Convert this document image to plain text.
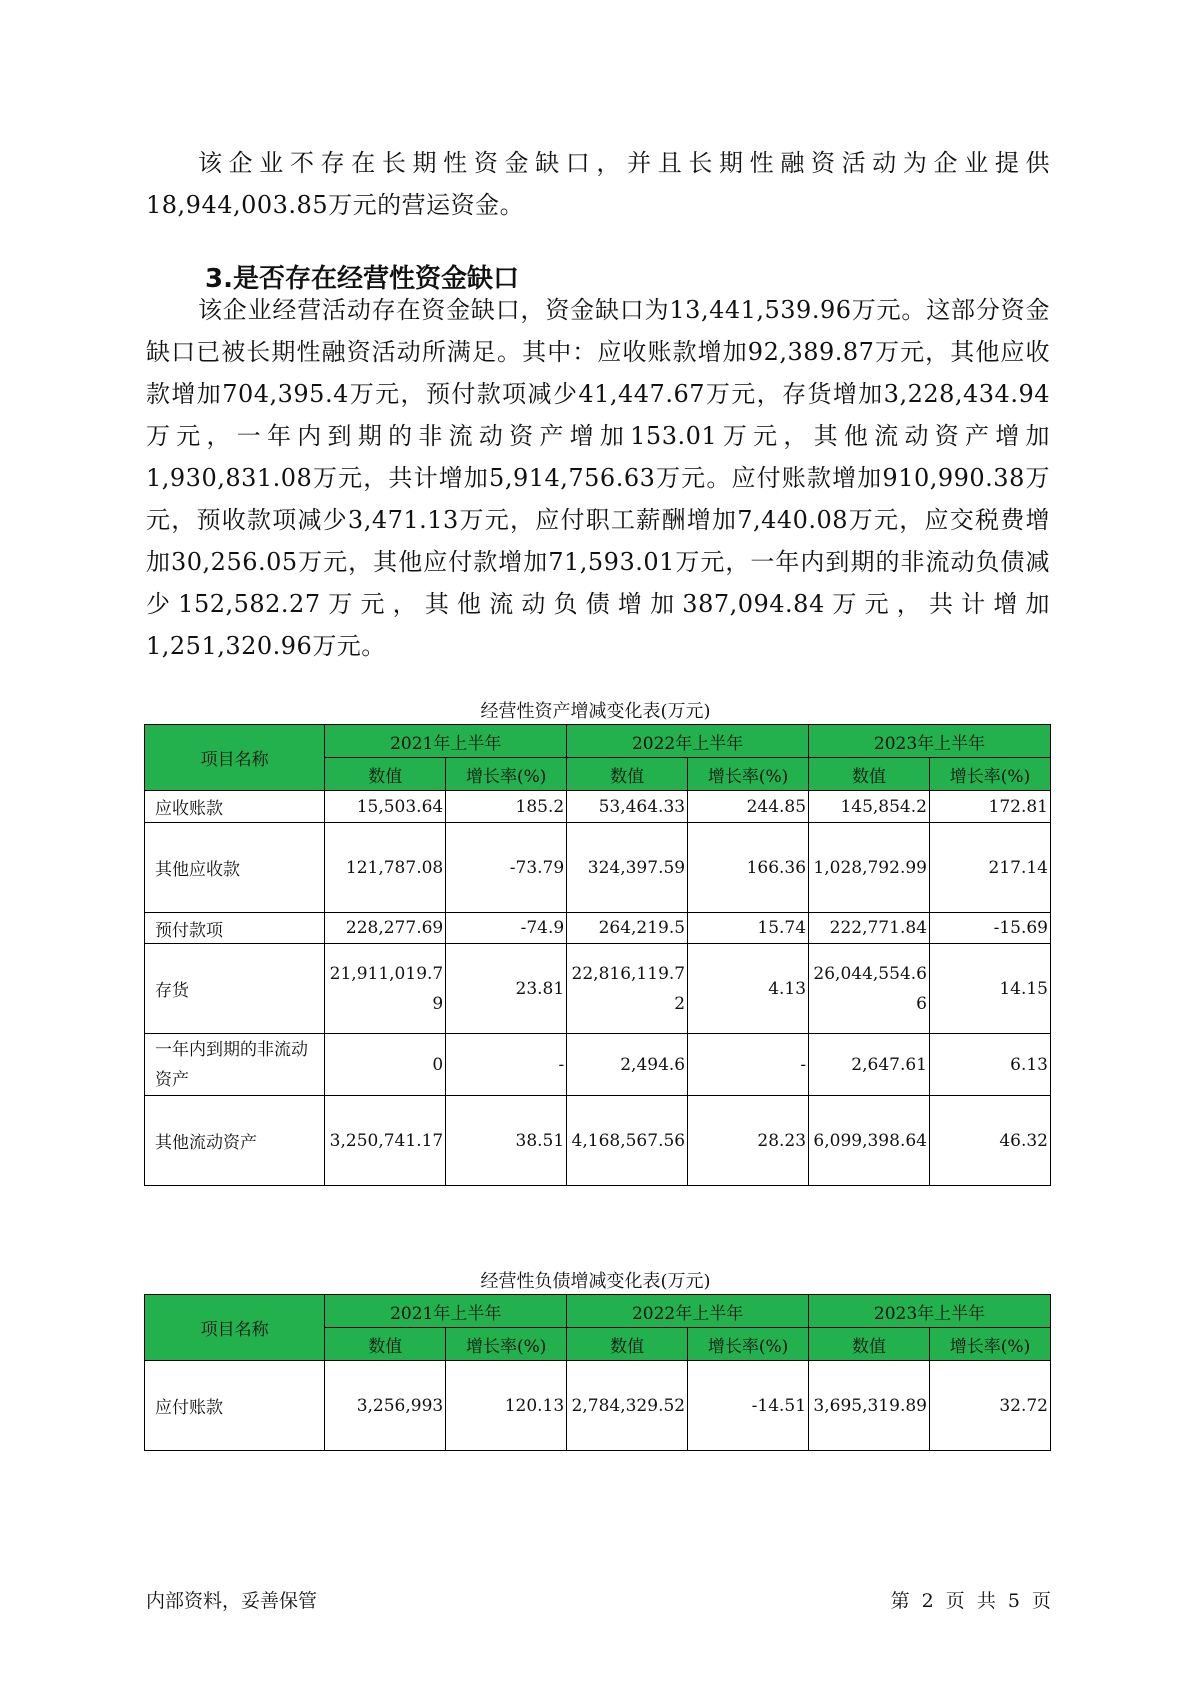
该企业不存在长期性资金缺口，并且长期性融资活动为企业提供18,944,003.85万元的营运资金。

3.是否存在经营性资金缺口

该企业经营活动存在资金缺口，资金缺口为13,441,539.96万元。这部分资金缺口已被长期性融资活动所满足。其中：应收账款增加92,389.87万元，其他应收款增加704,395.4万元，预付款项减少41,447.67万元，存货增加3,228,434.94万元，一年内到期的非流动资产增加153.01万元，其他流动资产增加1,930,831.08万元，共计增加5,914,756.63万元。应付账款增加910,990.38万元，预收款项减少3,471.13万元，应付职工薪酬增加7,440.08万元，应交税费增加30,256.05万元，其他应付款增加71,593.01万元，一年内到期的非流动负债减少152,582.27万元，其他流动负债增加387,094.84万元，共计增加1,251,320.96万元。

经营性资产增减变化表(万元)

项目名称	2021年上半年		2022年上半年		2023年上半年	
	数值	增长率(%)	数值	增长率(%)	数值	增长率(%)
应收账款	15,503.64	185.2	53,464.33	244.85	145,854.2	172.81
其他应收款	121,787.08	-73.79	324,397.59	166.36	1,028,792.99	217.14
预付款项	228,277.69	-74.9	264,219.5	15.74	222,771.84	-15.69
存货	21,911,019.79	23.81	22,816,119.72	4.13	26,044,554.66	14.15
一年内到期的非流动资产	0	-	2,494.6	-	2,647.61	6.13
其他流动资产	3,250,741.17	38.51	4,168,567.56	28.23	6,099,398.64	46.32

经营性负债增减变化表(万元)

项目名称	2021年上半年		2022年上半年		2023年上半年	
	数值	增长率(%)	数值	增长率(%)	数值	增长率(%)
应付账款	3,256,993	120.13	2,784,329.52	-14.51	3,695,319.89	32.72

内部资料，妥善保管	第 2 页 共 5 页
